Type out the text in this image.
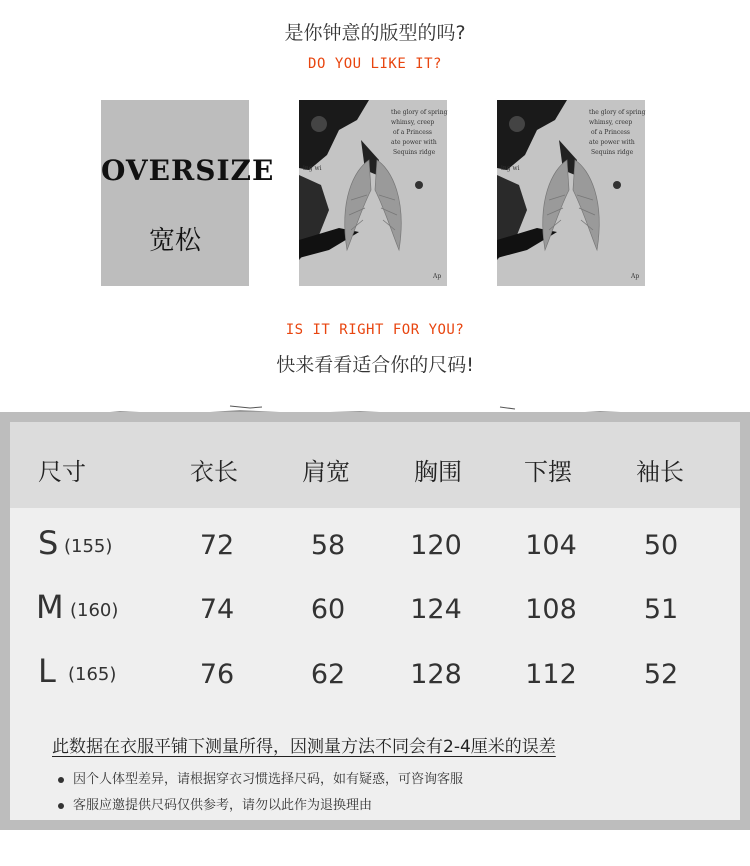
是你钟意的版型的吗?
DO YOU LIKE IT?
OVERSIZE
宽松
the glory of spring
whimsy, creep
of a Princess
ate power with
Sequins ridge
ing wi
Ap
the glory of spring
whimsy, creep
of a Princess
ate power with
Sequins ridge
ing wi
Ap
IS IT RIGHT FOR YOU?
快来看看适合你的尺码!
尺寸	衣长	肩宽	胸围	下摆	袖长
S (155)	72	58	120	104	50
M (160)	74	60	124	108	51
L (165)	76	62	128	112	52
此数据在衣服平铺下测量所得，因测量方法不同会有2-4厘米的误差
因个人体型差异，请根据穿衣习惯选择尺码，如有疑惑，可咨询客服
客服应邀提供尺码仅供参考，请勿以此作为退换理由
